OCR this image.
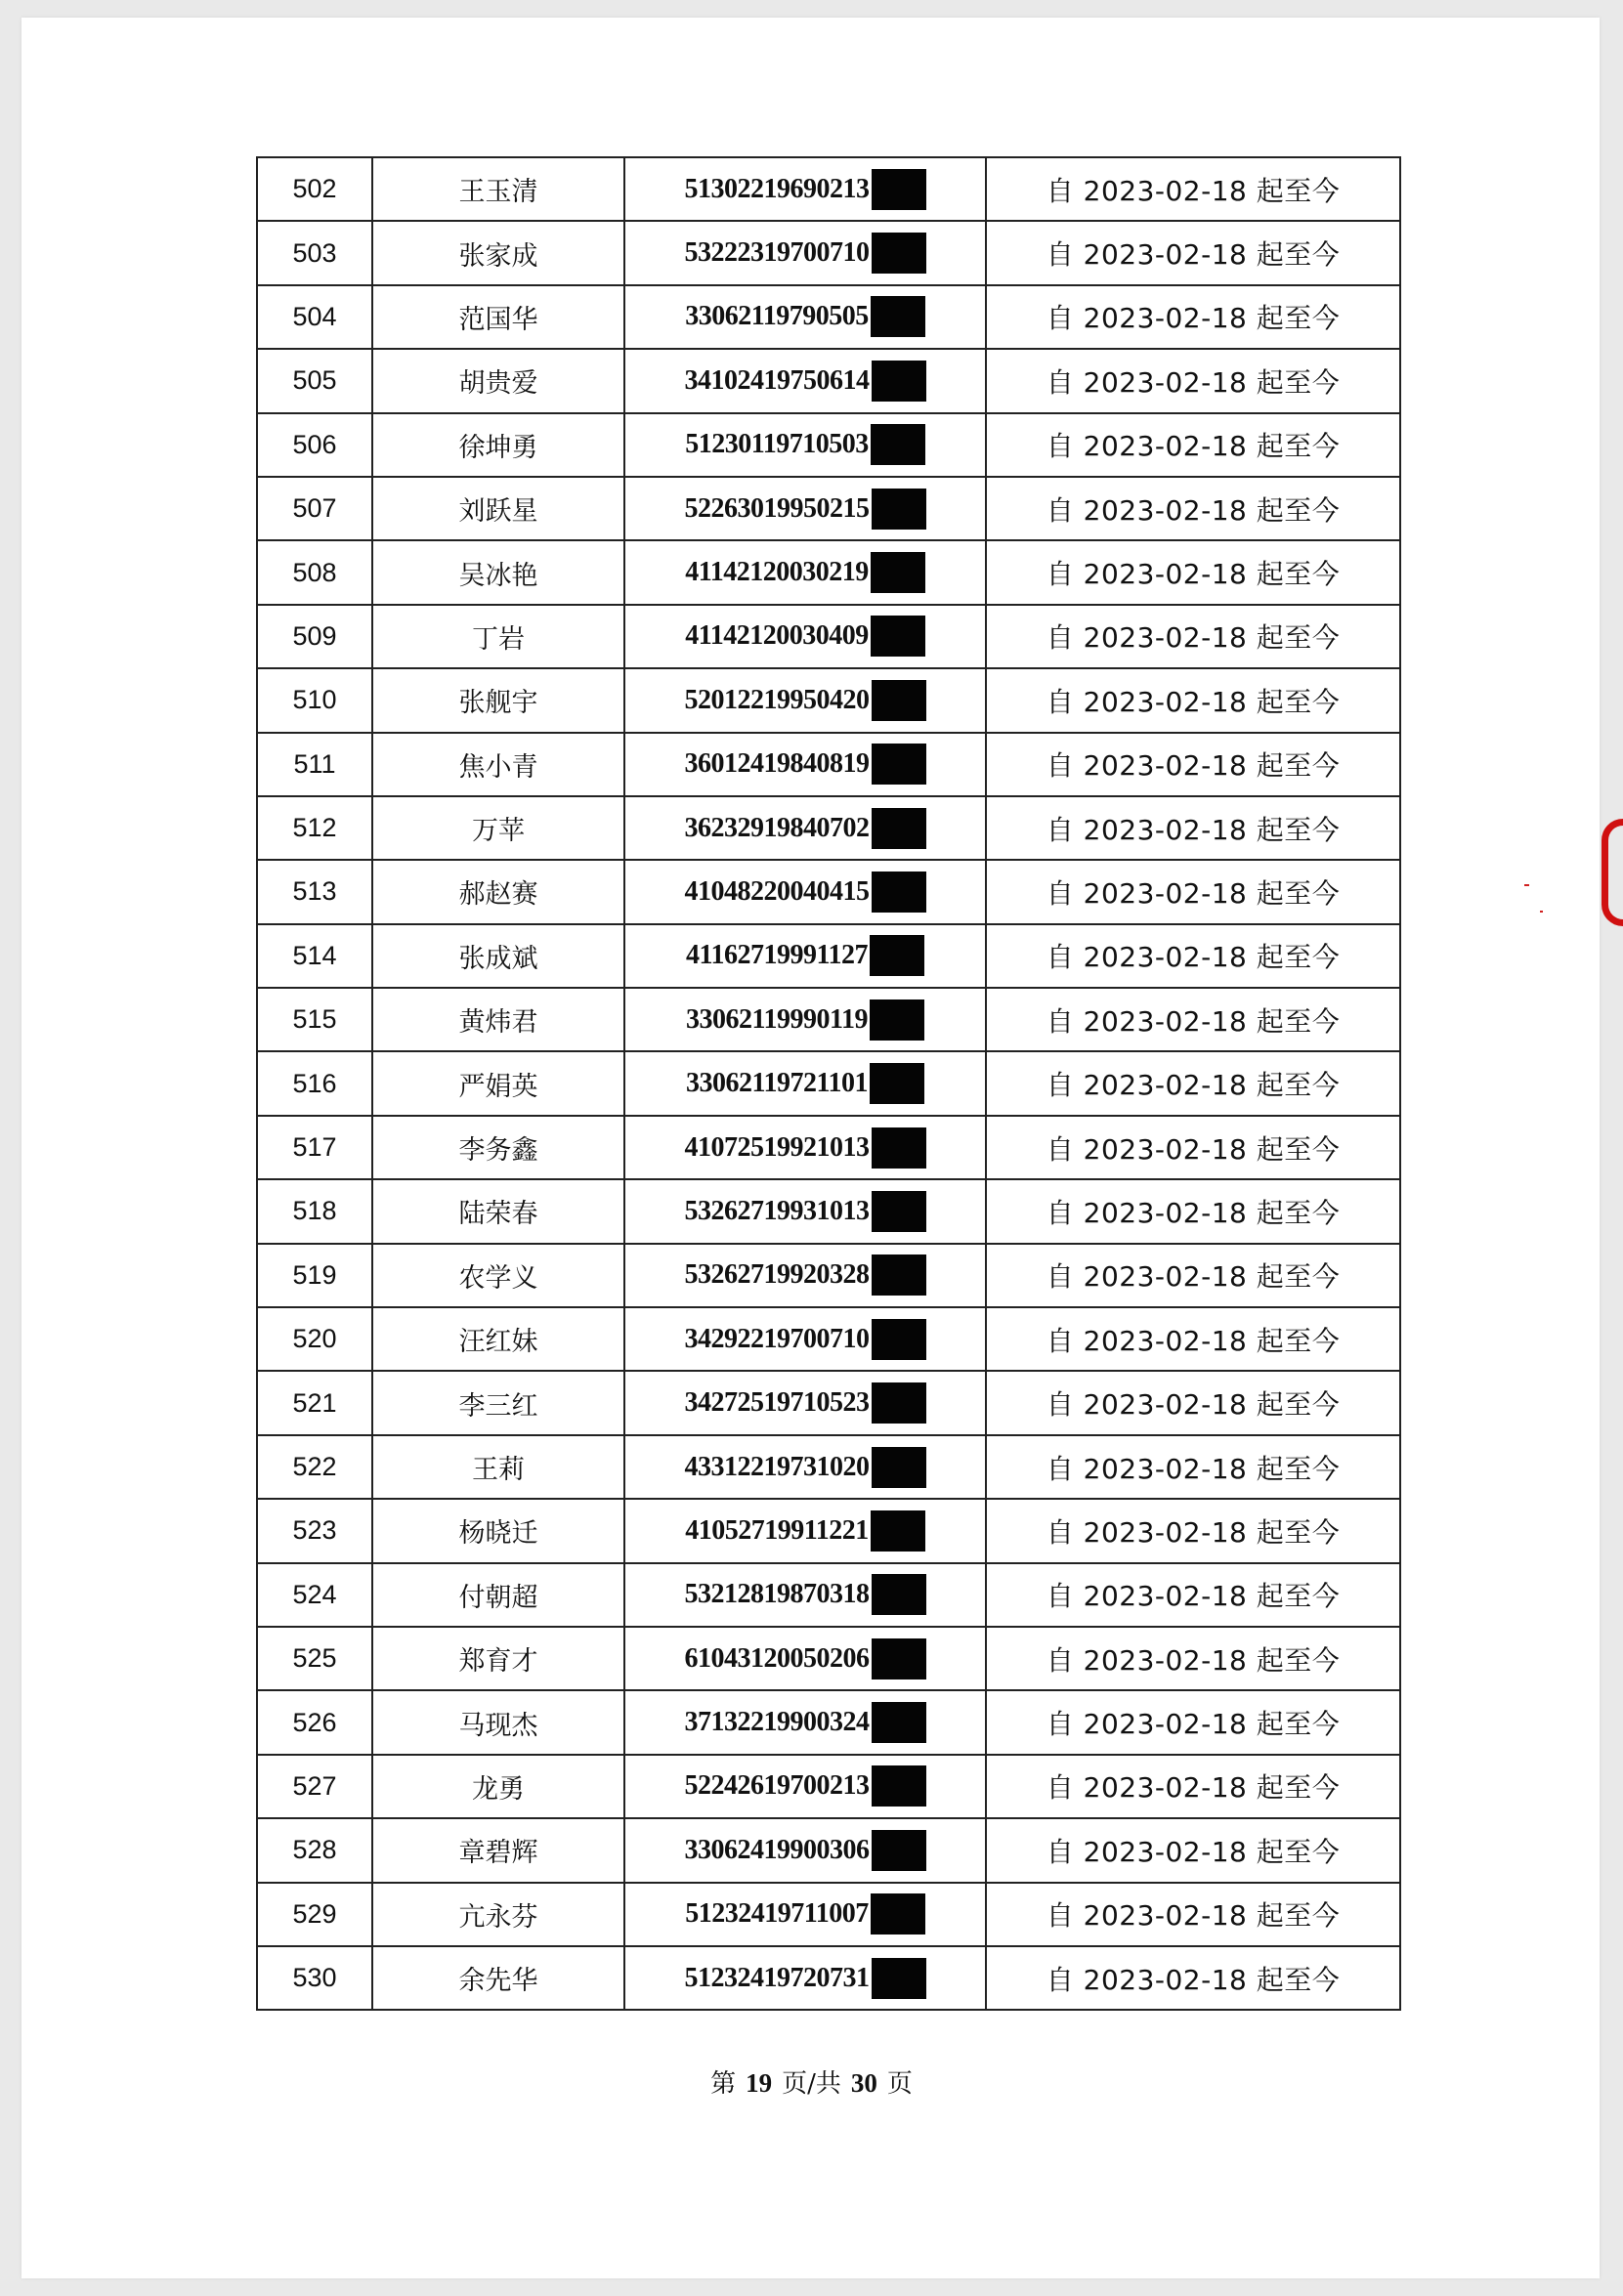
502	王玉清	51302219690213	自 2023-02-18 起至今
503	张家成	53222319700710	自 2023-02-18 起至今
504	范国华	33062119790505	自 2023-02-18 起至今
505	胡贵爱	34102419750614	自 2023-02-18 起至今
506	徐坤勇	51230119710503	自 2023-02-18 起至今
507	刘跃星	52263019950215	自 2023-02-18 起至今
508	吴冰艳	41142120030219	自 2023-02-18 起至今
509	丁岩	41142120030409	自 2023-02-18 起至今
510	张舰宇	52012219950420	自 2023-02-18 起至今
511	焦小青	36012419840819	自 2023-02-18 起至今
512	万苹	36232919840702	自 2023-02-18 起至今
513	郝赵赛	41048220040415	自 2023-02-18 起至今
514	张成斌	41162719991127	自 2023-02-18 起至今
515	黄炜君	33062119990119	自 2023-02-18 起至今
516	严娟英	33062119721101	自 2023-02-18 起至今
517	李务鑫	41072519921013	自 2023-02-18 起至今
518	陆荣春	53262719931013	自 2023-02-18 起至今
519	农学义	53262719920328	自 2023-02-18 起至今
520	汪红妹	34292219700710	自 2023-02-18 起至今
521	李三红	34272519710523	自 2023-02-18 起至今
522	王莉	43312219731020	自 2023-02-18 起至今
523	杨晓迁	41052719911221	自 2023-02-18 起至今
524	付朝超	53212819870318	自 2023-02-18 起至今
525	郑育才	61043120050206	自 2023-02-18 起至今
526	马现杰	37132219900324	自 2023-02-18 起至今
527	龙勇	52242619700213	自 2023-02-18 起至今
528	章碧辉	33062419900306	自 2023-02-18 起至今
529	亢永芬	51232419711007	自 2023-02-18 起至今
530	余先华	51232419720731	自 2023-02-18 起至今
第 19 页/共 30 页
